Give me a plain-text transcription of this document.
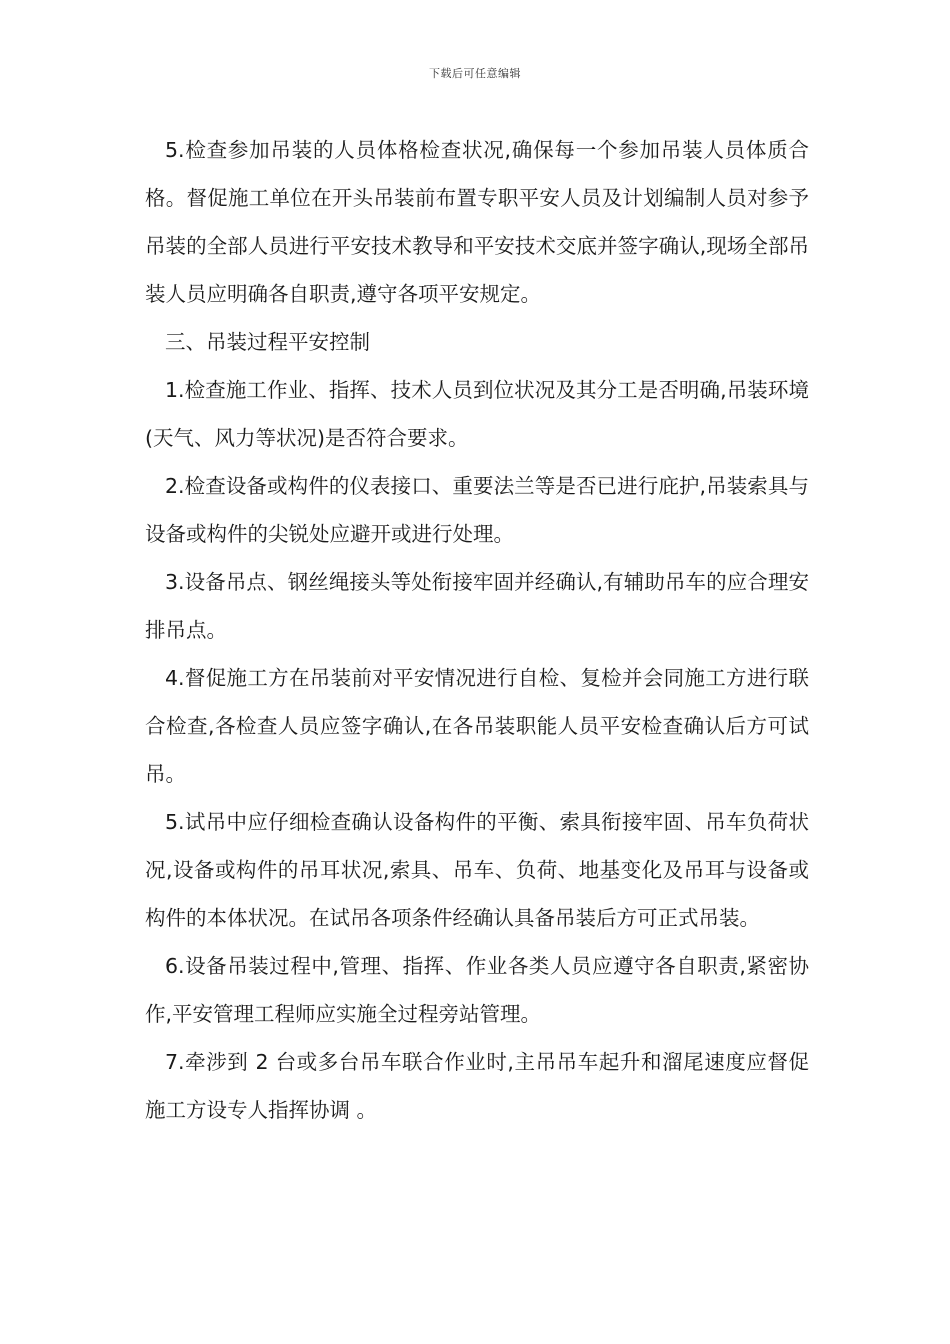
下载后可任意编辑

5.检查参加吊装的人员体格检查状况,确保每一个参加吊装人员体质合格。督促施工单位在开头吊装前布置专职平安人员及计划编制人员对参予吊装的全部人员进行平安技术教导和平安技术交底并签字确认,现场全部吊装人员应明确各自职责,遵守各项平安规定。

三、吊装过程平安控制

1.检查施工作业、指挥、技术人员到位状况及其分工是否明确,吊装环境(天气、风力等状况)是否符合要求。

2.检查设备或构件的仪表接口、重要法兰等是否已进行庇护,吊装索具与设备或构件的尖锐处应避开或进行处理。

3.设备吊点、钢丝绳接头等处衔接牢固并经确认,有辅助吊车的应合理安排吊点。

4.督促施工方在吊装前对平安情况进行自检、复检并会同施工方进行联合检查,各检查人员应签字确认,在各吊装职能人员平安检查确认后方可试吊。

5.试吊中应仔细检查确认设备构件的平衡、索具衔接牢固、吊车负荷状况,设备或构件的吊耳状况,索具、吊车、负荷、地基变化及吊耳与设备或构件的本体状况。在试吊各项条件经确认具备吊装后方可正式吊装。

6.设备吊装过程中,管理、指挥、作业各类人员应遵守各自职责,紧密协作,平安管理工程师应实施全过程旁站管理。

7.牵涉到 2 台或多台吊车联合作业时,主吊吊车起升和溜尾速度应督促施工方设专人指挥协调 。
